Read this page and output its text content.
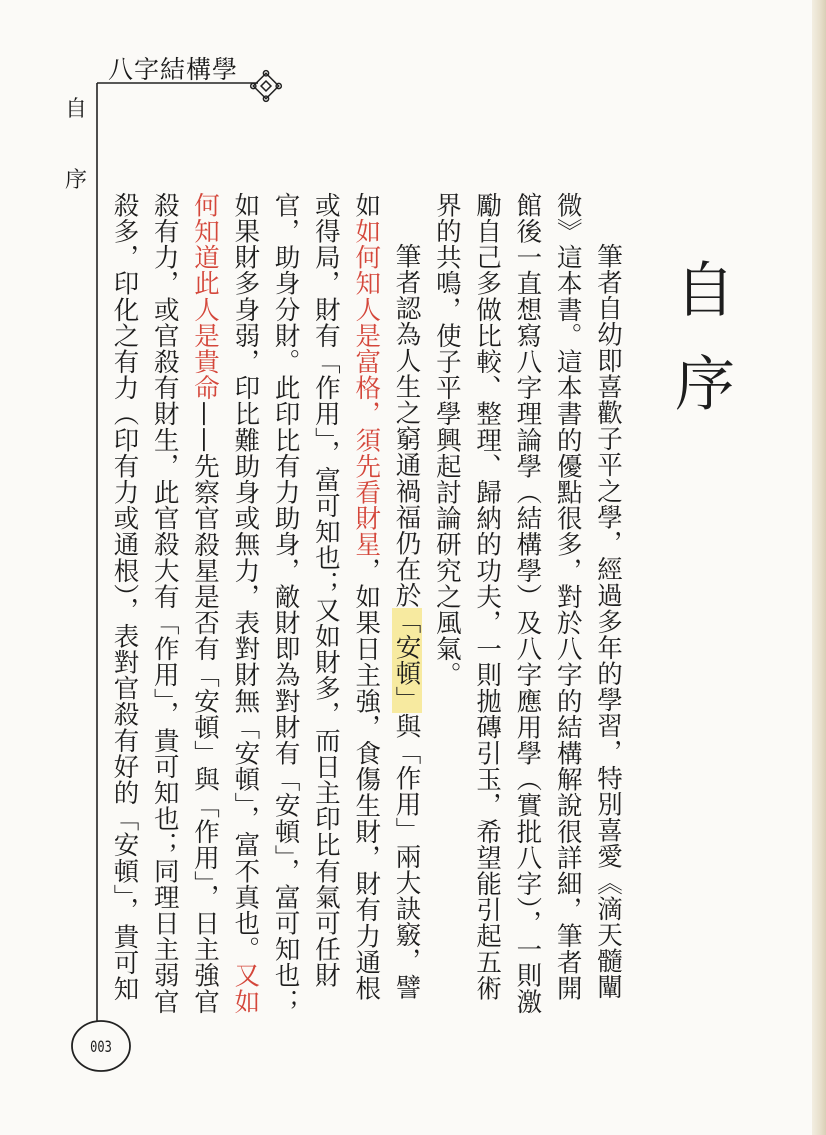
八字結構學
自
序
003
自序

筆者自幼即喜歡子平之學，經過多年的學習，特別喜愛《滴天髓闡微》這本書。這本書的優點很多，對於八字的結構解說很詳細，筆者開館後一直想寫八字理論學（結構學）及八字應用學（實批八字），一則激勵自己多做比較、整理、歸納的功夫，一則拋磚引玉，希望能引起五術界的共鳴，使子平學興起討論研究之風氣。

筆者認為人生之窮通禍福仍在於「安頓」與「作用」兩大訣竅，譬如如何知人是富格，須先看財星，如果日主強，食傷生財，財有力通根或得局，財有「作用」，富可知也；又如財多，而日主印比有氣可任財官，助身分財。此印比有力助身，敵財即為對財有「安頓」，富可知也；如果財多身弱，印比難助身或無力，表對財無「安頓」，富不真也。又如何知道此人是貴命——先察官殺星是否有「安頓」與「作用」，日主強官殺有力，或官殺有財生，此官殺大有「作用」，貴可知也；同理日主弱官殺多，印化之有力（印有力或通根），表對官殺有好的「安頓」，貴可知
